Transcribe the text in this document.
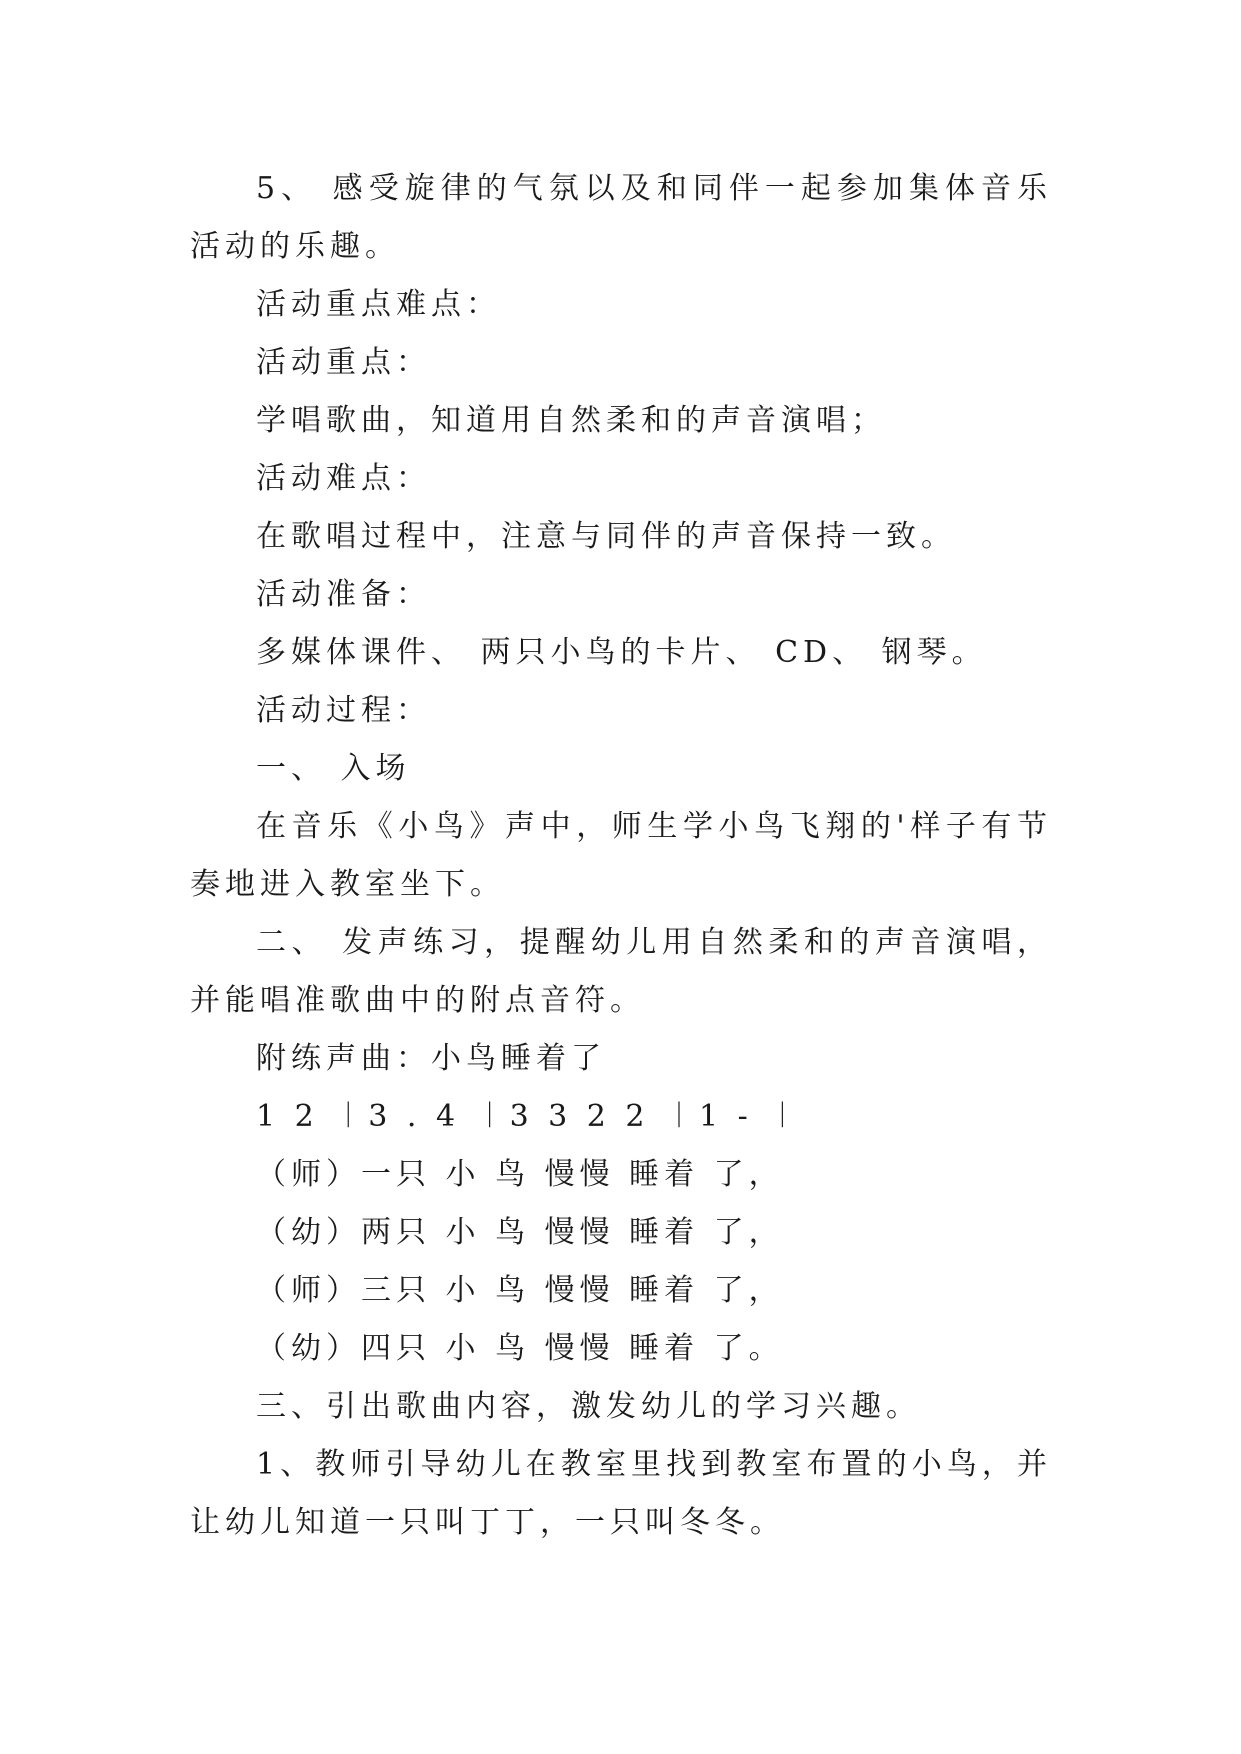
5、 感受旋律的气氛以及和同伴一起参加集体音乐活动的乐趣。

活动重点难点：

活动重点：

学唱歌曲，知道用自然柔和的声音演唱；

活动难点：

在歌唱过程中，注意与同伴的声音保持一致。

活动准备：

多媒体课件、 两只小鸟的卡片、 CD、 钢琴。

活动过程：

一、 入场

在音乐《小鸟》声中，师生学小鸟飞翔的'样子有节奏地进入教室坐下。

二、 发声练习，提醒幼儿用自然柔和的声音演唱，并能唱准歌曲中的附点音符。

附练声曲：小鸟睡着了

1 2 ︱3 . 4 ︱3 3 2 2 ︱1 - ︱

（师）一只 小 鸟 慢慢 睡着 了，

（幼）两只 小 鸟 慢慢 睡着 了，

（师）三只 小 鸟 慢慢 睡着 了，

（幼）四只 小 鸟 慢慢 睡着 了。

三、引出歌曲内容，激发幼儿的学习兴趣。

1、教师引导幼儿在教室里找到教室布置的小鸟，并让幼儿知道一只叫丁丁，一只叫冬冬。
